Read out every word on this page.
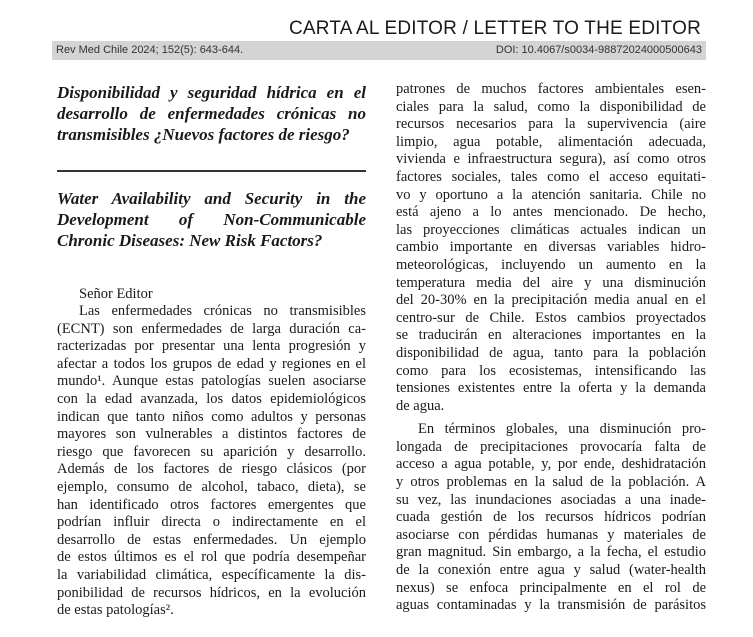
CARTA AL EDITOR / LETTER TO THE EDITOR
Rev Med Chile 2024; 152(5): 643-644.	DOI: 10.4067/s0034-98872024000500643

Disponibilidad y seguridad hídrica en el desarrollo de enfermedades crónicas no transmisibles ¿Nuevos factores de riesgo?

Water Availability and Security in the Development of Non-Communicable Chronic Diseases: New Risk Factors?

Señor Editor
Las enfermedades crónicas no transmisibles
(ECNT) son enfermedades de larga duración ca-
racterizadas por presentar una lenta progresión y
afectar a todos los grupos de edad y regiones en el
mundo¹. Aunque estas patologías suelen asociarse
con la edad avanzada, los datos epidemiológicos
indican que tanto niños como adultos y personas
mayores son vulnerables a distintos factores de
riesgo que favorecen su aparición y desarrollo.
Además de los factores de riesgo clásicos (por
ejemplo, consumo de alcohol, tabaco, dieta), se
han identificado otros factores emergentes que
podrían influir directa o indirectamente en el
desarrollo de estas enfermedades. Un ejemplo
de estos últimos es el rol que podría desempeñar
la variabilidad climática, específicamente la dis-
ponibilidad de recursos hídricos, en la evolución
de estas patologías².
patrones de muchos factores ambientales esen-
ciales para la salud, como la disponibilidad de
recursos necesarios para la supervivencia (aire
limpio, agua potable, alimentación adecuada,
vivienda e infraestructura segura), así como otros
factores sociales, tales como el acceso equitati-
vo y oportuno a la atención sanitaria. Chile no
está ajeno a lo antes mencionado. De hecho,
las proyecciones climáticas actuales indican un
cambio importante en diversas variables hidro-
meteorológicas, incluyendo un aumento en la
temperatura media del aire y una disminución
del 20-30% en la precipitación media anual en el
centro-sur de Chile. Estos cambios proyectados
se traducirán en alteraciones importantes en la
disponibilidad de agua, tanto para la población
como para los ecosistemas, intensificando las
tensiones existentes entre la oferta y la demanda
de agua.
En términos globales, una disminución pro-
longada de precipitaciones provocaría falta de
acceso a agua potable, y, por ende, deshidratación
y otros problemas en la salud de la población. A
su vez, las inundaciones asociadas a una inade-
cuada gestión de los recursos hídricos podrían
asociarse con pérdidas humanas y materiales de
gran magnitud. Sin embargo, a la fecha, el estudio
de la conexión entre agua y salud (water-health
nexus) se enfoca principalmente en el rol de
aguas contaminadas y la transmisión de parásitos
